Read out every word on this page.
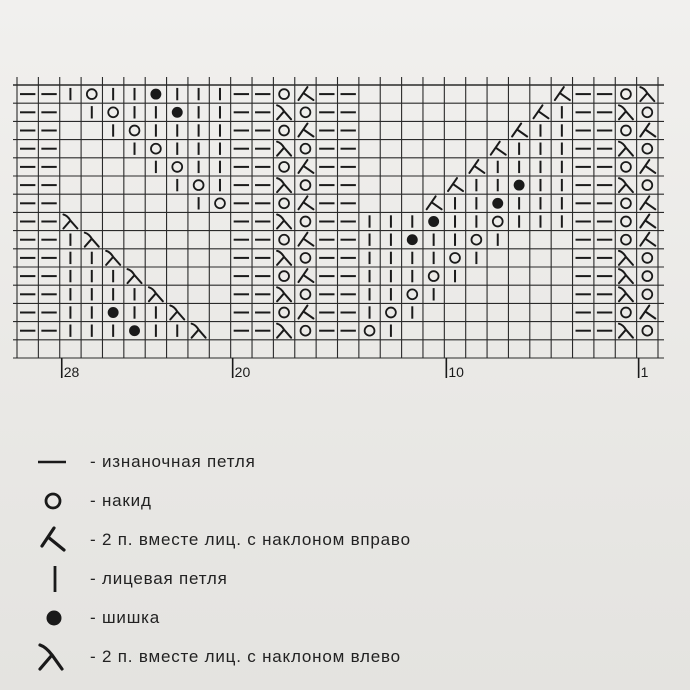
28	20	10	1
- изнаночная петля
- накид
- 2 п. вместе лиц. с наклоном вправо
- лицевая петля
- шишка
- 2 п. вместе лиц. с наклоном влево
